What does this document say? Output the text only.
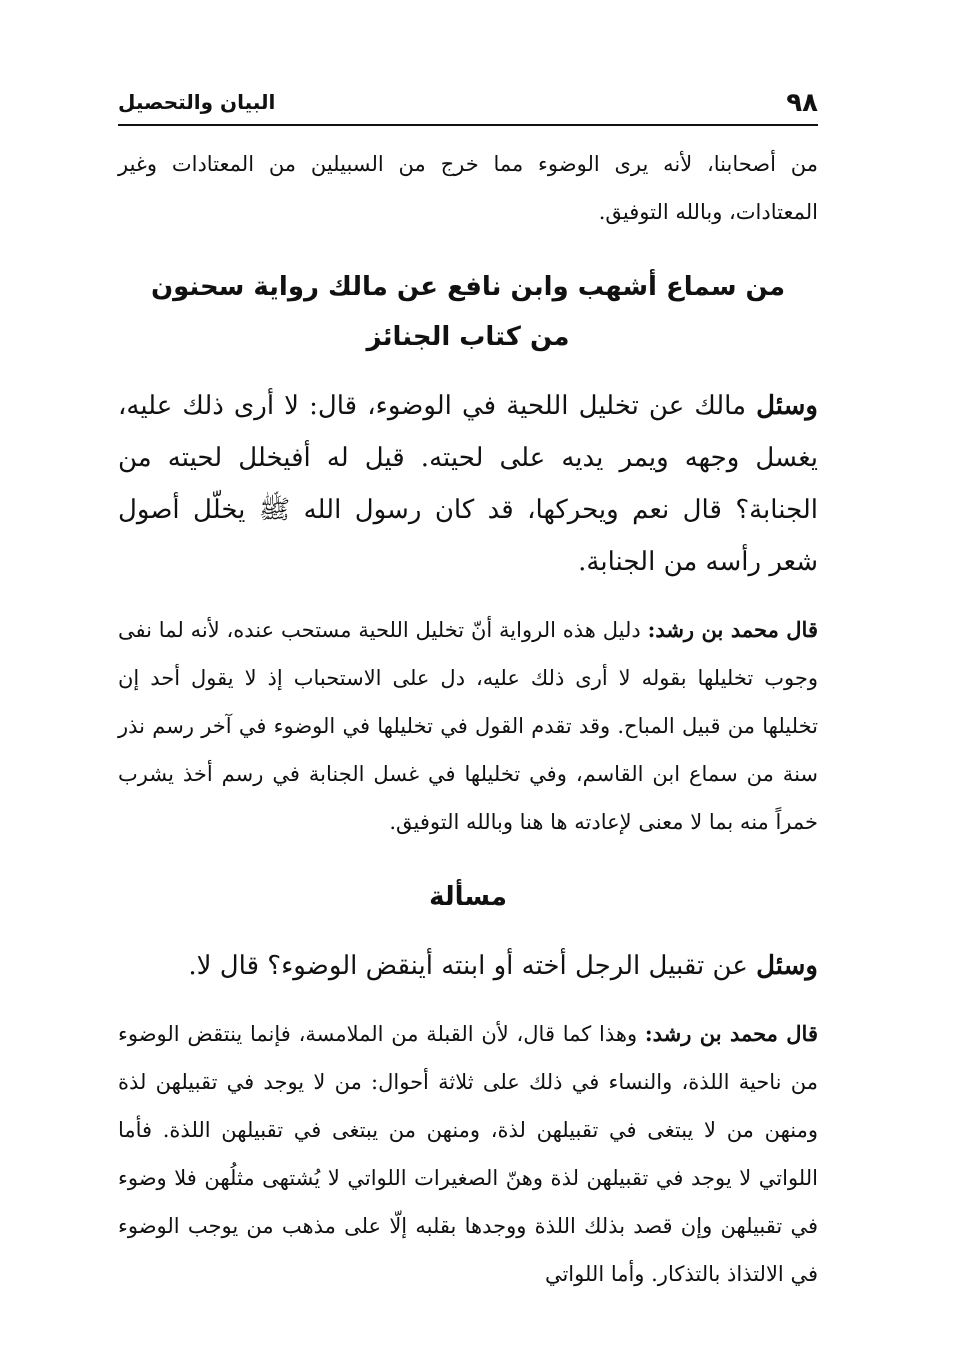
٩٨
البيان والتحصيل

من أصحابنا، لأنه يرى الوضوء مما خرج من السبيلين من المعتادات وغير المعتادات، وبالله التوفيق.

من سماع أشهب وابن نافع عن مالك رواية سحنون

من كتاب الجنائز

وسئل مالك عن تخليل اللحية في الوضوء، قال: لا أرى ذلك عليه، يغسل وجهه ويمر يديه على لحيته. قيل له أفيخلل لحيته من الجنابة؟ قال نعم ويحركها، قد كان رسول الله ﷺ يخلّل أصول شعر رأسه من الجنابة.

قال محمد بن رشد: دليل هذه الرواية أنّ تخليل اللحية مستحب عنده، لأنه لما نفى وجوب تخليلها بقوله لا أرى ذلك عليه، دل على الاستحباب إذ لا يقول أحد إن تخليلها من قبيل المباح. وقد تقدم القول في تخليلها في الوضوء في آخر رسم نذر سنة من سماع ابن القاسم، وفي تخليلها في غسل الجنابة في رسم أخذ يشرب خمراً منه بما لا معنى لإعادته ها هنا وبالله التوفيق.

مسألة

وسئل عن تقبيل الرجل أخته أو ابنته أينقض الوضوء؟ قال لا.

قال محمد بن رشد: وهذا كما قال، لأن القبلة من الملامسة، فإنما ينتقض الوضوء من ناحية اللذة، والنساء في ذلك على ثلاثة أحوال: من لا يوجد في تقبيلهن لذة ومنهن من لا يبتغى في تقبيلهن لذة، ومنهن من يبتغى في تقبيلهن اللذة. فأما اللواتي لا يوجد في تقبيلهن لذة وهنّ الصغيرات اللواتي لا يُشتهى مثلُهن فلا وضوء في تقبيلهن وإن قصد بذلك اللذة ووجدها بقلبه إلّا على مذهب من يوجب الوضوء في الالتذاذ بالتذكار. وأما اللواتي
